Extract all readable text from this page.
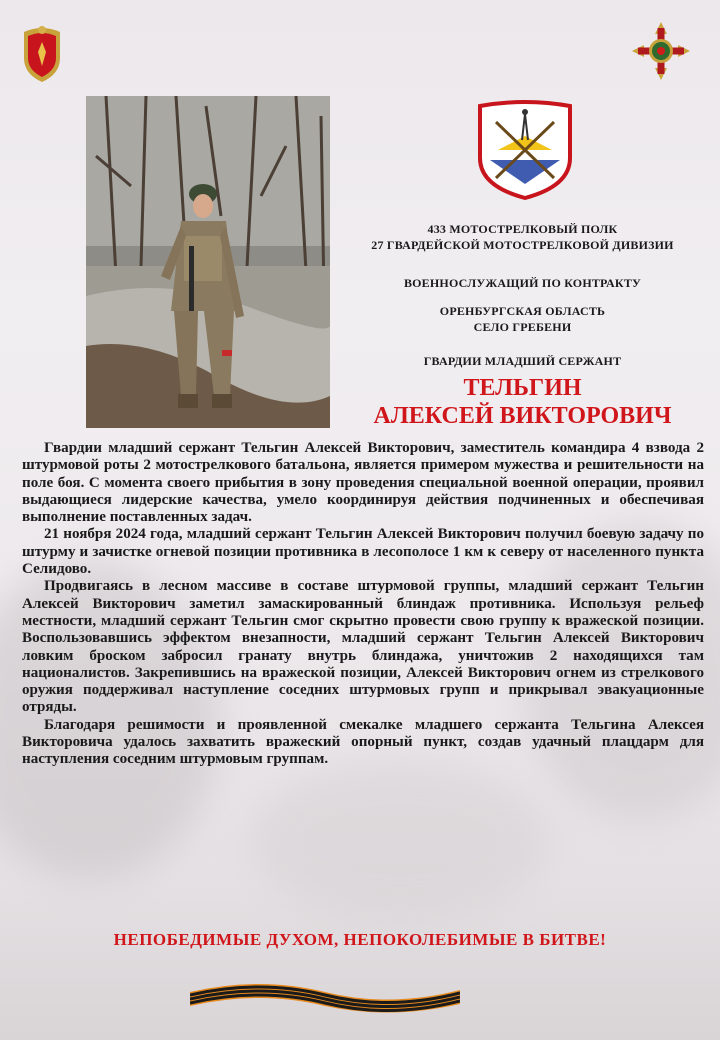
433 МОТОСТРЕЛКОВЫЙ ПОЛК
27 ГВАРДЕЙСКОЙ МОТОСТРЕЛКОВОЙ ДИВИЗИИ
ВОЕННОСЛУЖАЩИЙ ПО КОНТРАКТУ
ОРЕНБУРГСКАЯ ОБЛАСТЬ
СЕЛО ГРЕБЕНИ
ГВАРДИИ МЛАДШИЙ СЕРЖАНТ
ТЕЛЬГИН
АЛЕКСЕЙ ВИКТОРОВИЧ

Гвардии младший сержант Тельгин Алексей Викторович, заместитель командира 4 взвода 2 штурмовой роты 2 мотострелкового батальона, является примером мужества и решительности на поле боя. С момента своего прибытия в зону проведения специальной военной операции, проявил выдающиеся лидерские качества, умело координируя действия подчиненных и обеспечивая выполнение поставленных задач.

21 ноября 2024 года, младший сержант Тельгин Алексей Викторович получил боевую задачу по штурму и зачистке огневой позиции противника в лесополосе 1 км к северу от населенного пункта Селидово.

Продвигаясь в лесном массиве в составе штурмовой группы, младший сержант Тельгин Алексей Викторович заметил замаскированный блиндаж противника. Используя рельеф местности, младший сержант Тельгин смог скрытно провести свою группу к вражеской позиции. Воспользовавшись эффектом внезапности, младший сержант Тельгин Алексей Викторович ловким броском забросил гранату внутрь блиндажа, уничтожив 2 находящихся там националистов. Закрепившись на вражеской позиции, Алексей Викторович огнем из стрелкового оружия поддерживал наступление соседних штурмовых групп и прикрывал эвакуационные отряды.

Благодаря решимости и проявленной смекалке младшего сержанта Тельгина Алексея Викторовича удалось захватить вражеский опорный пункт, создав удачный плацдарм для наступления соседним штурмовым группам.

НЕПОБЕДИМЫЕ ДУХОМ, НЕПОКОЛЕБИМЫЕ В БИТВЕ!
